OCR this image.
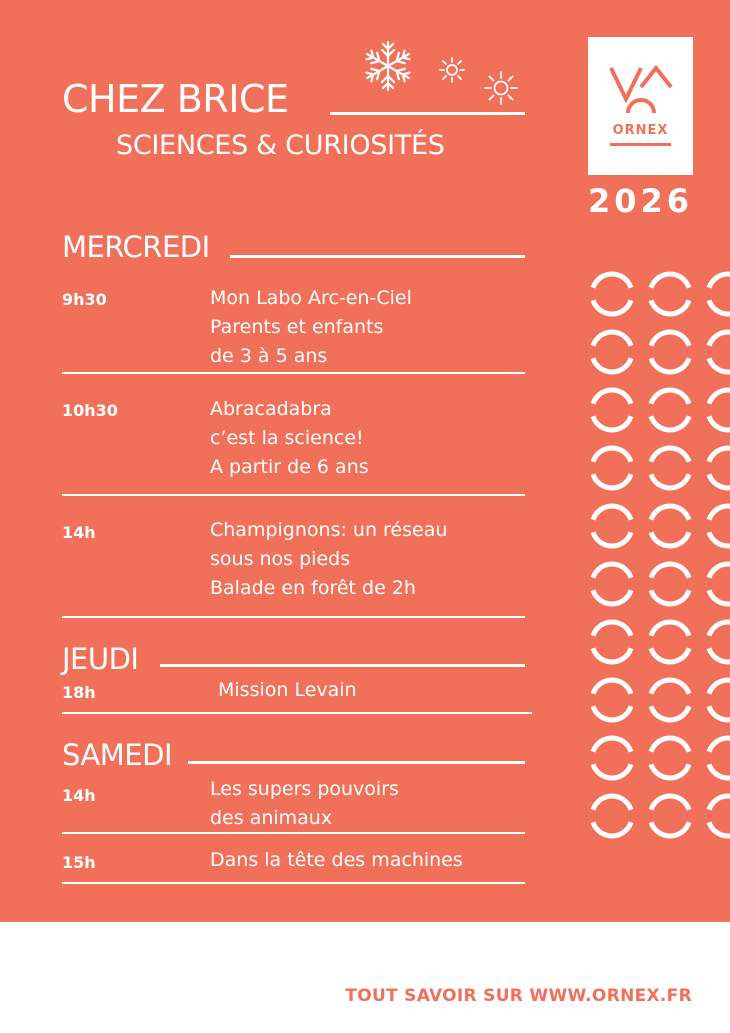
CHEZ BRICE
SCIENCES & CURIOSITÉS	ORNEX
2026
MERCREDI
9h30	Mon Labo Arc-en-Ciel
Parents et enfants
de 3 à 5 ans
10h30	Abracadabra
c’est la science!
A partir de 6 ans
14h	Champignons: un réseau
sous nos pieds
Balade en forêt de 2h
JEUDI
18h	Mission Levain
SAMEDI
14h	Les supers pouvoirs
des animaux
15h	Dans la tête des machines
TOUT SAVOIR SUR WWW.ORNEX.FR
